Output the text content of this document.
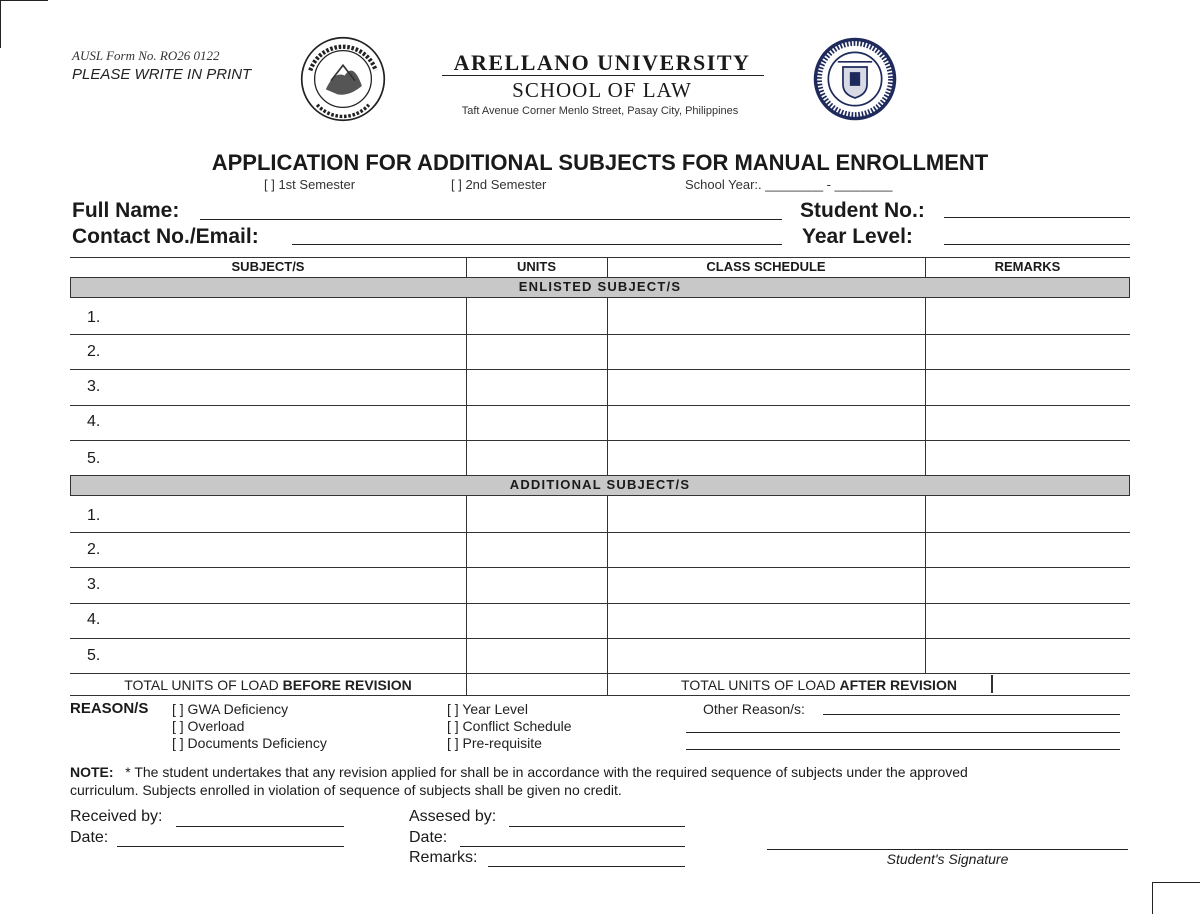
AUSL Form No. RO26 0122
PLEASE WRITE IN PRINT	ARELLANO UNIVERSITY
SCHOOL OF LAW
Taft Avenue Corner Menlo Street, Pasay City, Philippines
APPLICATION FOR ADDITIONAL SUBJECTS FOR MANUAL ENROLLMENT
[ ] 1st Semester	[ ] 2nd Semester	School Year:. ________ - ________
Full Name:	Student No.:
Contact No./Email:	Year Level:
SUBJECT/S	UNITS	CLASS SCHEDULE	REMARKS
ENLISTED SUBJECT/S
1.
2.
3.
4.
5.
ADDITIONAL SUBJECT/S
1.
2.
3.
4.
5.
TOTAL UNITS OF LOAD BEFORE REVISION	TOTAL UNITS OF LOAD AFTER REVISION
REASON/S [ ] GWA Deficiency
[ ] Overload
[ ] Documents Deficiency
[ ] Year Level
[ ] Conflict Schedule
[ ] Pre-requisite
Other Reason/s:
NOTE: * The student undertakes that any revision applied for shall be in accordance with the required sequence of subjects under the approved
curriculum. Subjects enrolled in violation of sequence of subjects shall be given no credit.
Received by:
Date:
Assesed by:
Date:
Remarks:	Student's Signature
